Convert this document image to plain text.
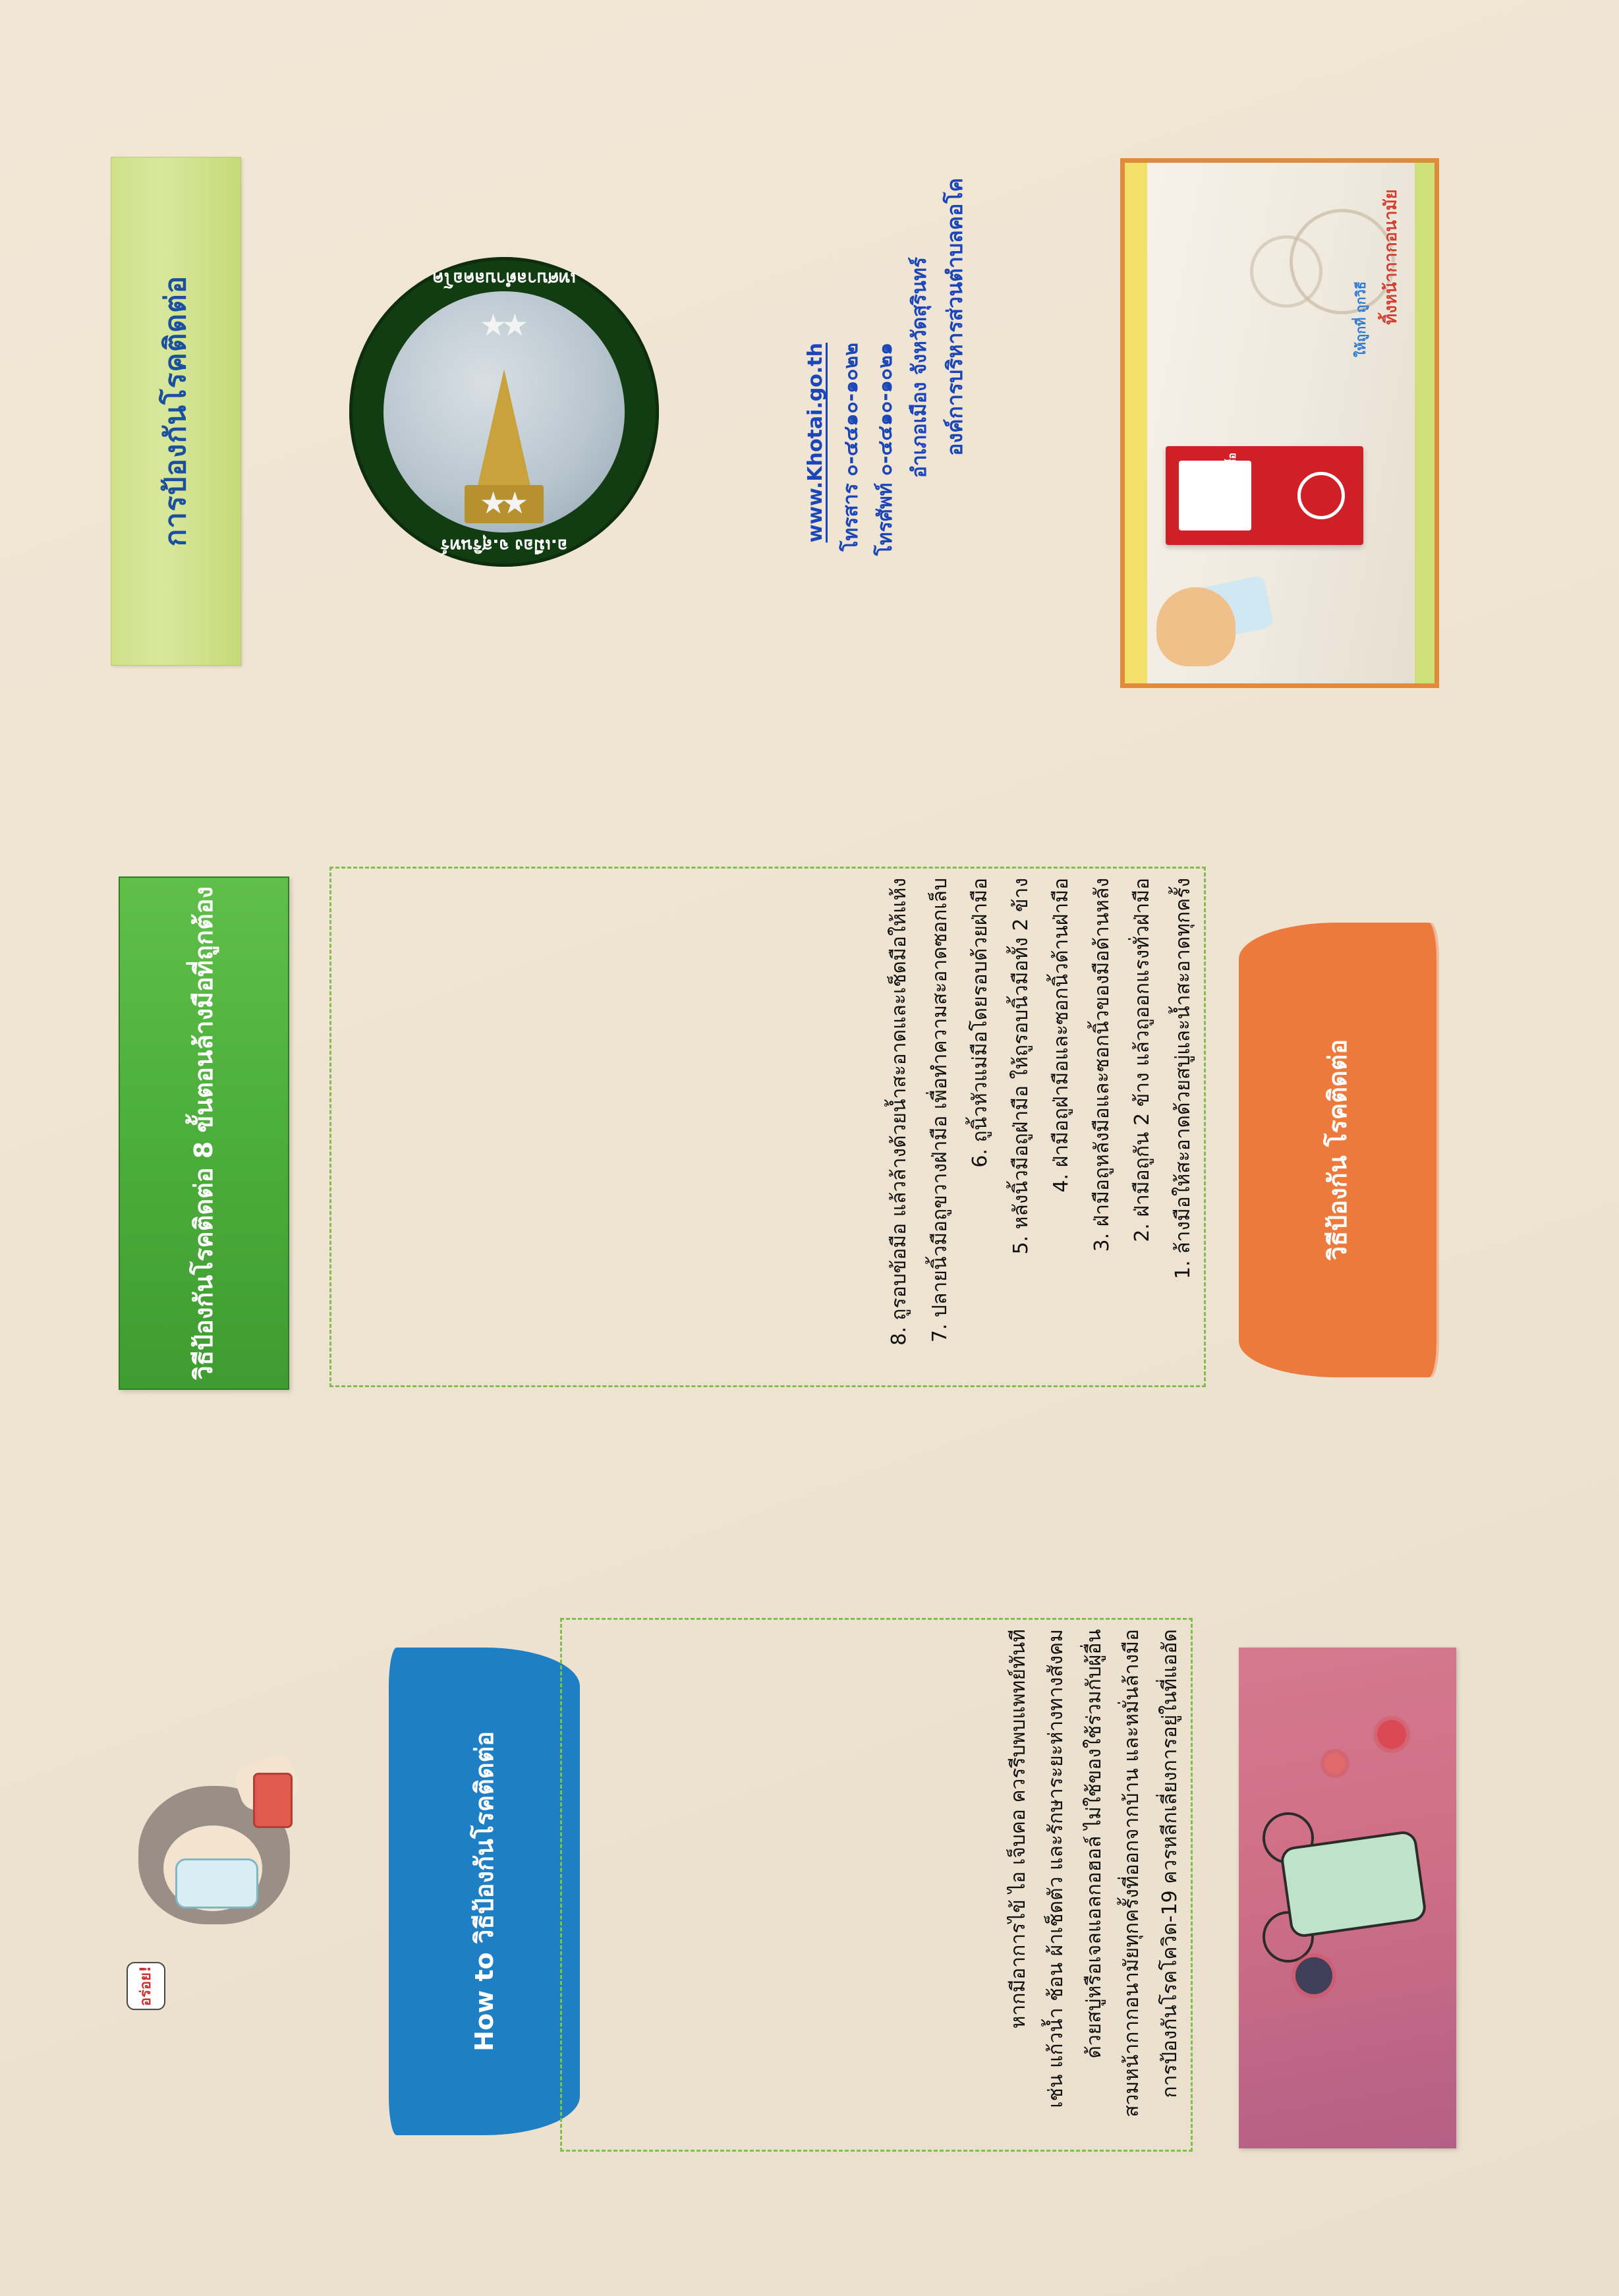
การป้องกันโรคติดต่อ	เทศบาลตำบลคอโค
อ.เมือง จ.สุรินทร์
★
★
★
★
องค์การบริหารส่วนตำบลคอโค
อำเภอเมือง จังหวัดสุรินทร์
โทรศัพท์ ๐-๔๔๑๐-๑๐๒๑
โทรสาร ๐-๔๔๑๐-๑๐๒๒
www.Khotai.go.th
ทิ้งหน้ากากอนามัย
ให้ถูกที่ ถูกวิธี
ขยะติดเชื้อ
วิธีป้องกันโรคติดต่อ 8 ขั้นตอนล้างมือที่ถูกต้อง	1. ล้างมือให้สะอาดด้วยสบู่และน้ำสะอาดทุกครั้ง
2. ฝ่ามือถูกัน 2 ข้าง แล้วถูออกแรงทั่วฝ่ามือ
3. ฝ่ามือถูหลังมือและซอกนิ้วของมือด้านหลัง
4. ฝ่ามือถูฝ่ามือและซอกนิ้วด้านฝ่ามือ
5. หลังนิ้วมือถูฝ่ามือ ให้ถูรอบนิ้วมือทั้ง 2 ข้าง
6. ถูนิ้วหัวแม่มือโดยรอบด้วยฝ่ามือ
7. ปลายนิ้วมือถูขวางฝ่ามือ เพื่อทำความสะอาดซอกเล็บ
8. ถูรอบข้อมือ แล้วล้างด้วยน้ำสะอาดและเช็ดมือให้แห้ง	วิธีป้องกัน โรคติดต่อ
How to วิธีป้องกันโรคติดต่อ	การป้องกันโรคโควิด-19 ควรหลีกเลี่ยงการอยู่ในที่แออัด
สวมหน้ากากอนามัยทุกครั้งที่ออกจากบ้าน และหมั่นล้างมือ
ด้วยสบู่หรือเจลแอลกอฮอล์ ไม่ใช้ของใช้ร่วมกับผู้อื่น
เช่น แก้วน้ำ ช้อน ผ้าเช็ดตัว และรักษาระยะห่างทางสังคม
หากมีอาการไข้ ไอ เจ็บคอ ควรรีบพบแพทย์ทันที
อร่อย!
